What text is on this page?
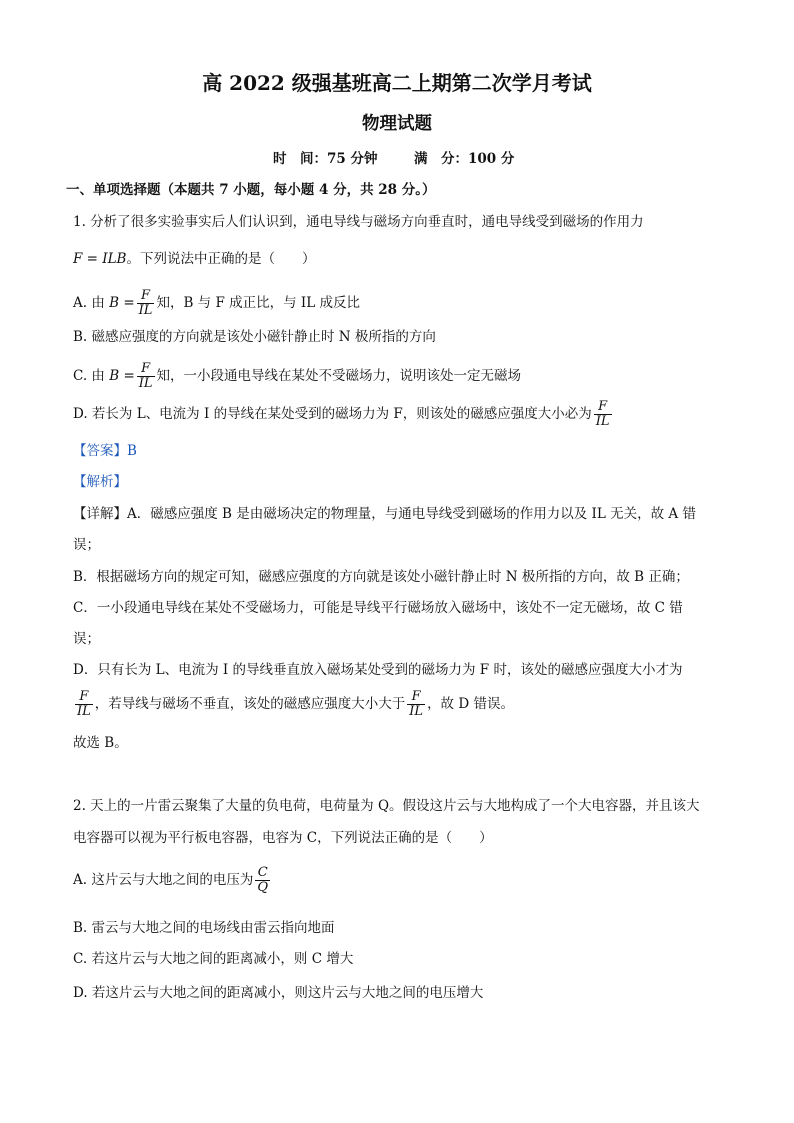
高 2022 级强基班高二上期第二次学月考试
物理试题
时　间：75 分钟	满　分：100 分
一、单项选择题（本题共 7 小题，每小题 4 分，共 28 分。）
1. 分析了很多实验事实后人们认识到，通电导线与磁场方向垂直时，通电导线受到磁场的作用力
F = ILB。下列说法中正确的是（　　）
A. 由 $B = \frac{F}{IL}$ 知，B 与 F 成正比，与 IL 成反比
B. 磁感应强度的方向就是该处小磁针静止时 N 极所指的方向
C. 由 $B = \frac{F}{IL}$ 知，一小段通电导线在某处不受磁场力，说明该处一定无磁场
D. 若长为 L、电流为 I 的导线在某处受到的磁场力为 F，则该处的磁感应强度大小必为 $\frac{F}{IL}$
【答案】B
【解析】
【详解】A．磁感应强度 B 是由磁场决定的物理量，与通电导线受到磁场的作用力以及 IL 无关，故 A 错
误；
B．根据磁场方向的规定可知，磁感应强度的方向就是该处小磁针静止时 N 极所指的方向，故 B 正确；
C．一小段通电导线在某处不受磁场力，可能是导线平行磁场放入磁场中，该处不一定无磁场，故 C 错
误；
D．只有长为 L、电流为 I 的导线垂直放入磁场某处受到的磁场力为 F 时，该处的磁感应强度大小才为
$\frac{F}{IL}$ ，若导线与磁场不垂直，该处的磁感应强度大小大于 $\frac{F}{IL}$ ，故 D 错误。
故选 B。
2. 天上的一片雷云聚集了大量的负电荷，电荷量为 Q。假设这片云与大地构成了一个大电容器，并且该大
电容器可以视为平行板电容器，电容为 C，下列说法正确的是（　　）
A. 这片云与大地之间的电压为 $\frac{C}{Q}$
B. 雷云与大地之间的电场线由雷云指向地面
C. 若这片云与大地之间的距离减小，则 C 增大
D. 若这片云与大地之间的距离减小，则这片云与大地之间的电压增大
